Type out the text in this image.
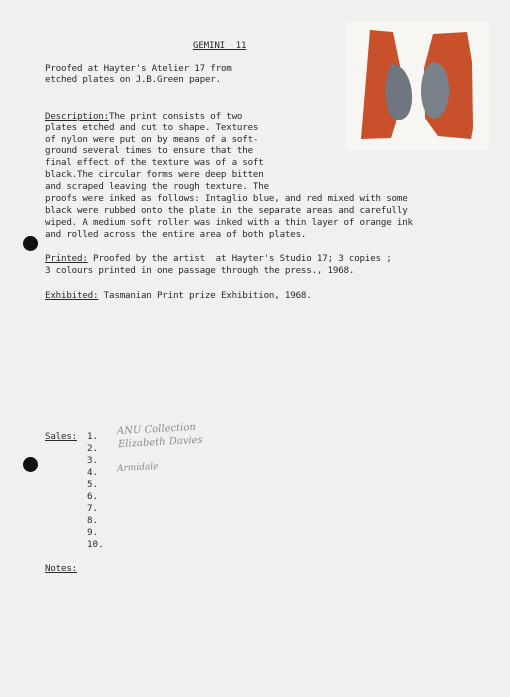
GEMINI  11
Proofed at Hayter's Atelier 17 from
etched plates on J.B.Green paper.
Description:The print consists of two
plates etched and cut to shape. Textures
of nylon were put on by means of a soft-
ground several times to ensure that the
final effect of the texture was of a soft
black.The circular forms were deep bitten
and scraped leaving the rough texture. The
proofs were inked as follows: Intaglio blue, and red mixed with some
black were rubbed onto the plate in the separate areas and carefully
wiped. A medium soft roller was inked with a thin layer of orange ink
and rolled across the entire area of both plates.
Printed: Proofed by the artist  at Hayter's Studio 17; 3 copies ;
3 colours printed in one passage through the press., 1968.
Exhibited: Tasmanian Print prize Exhibition, 1968.
Sales: 1.
2.
3.
4.
5.
6.
7.
8.
9.
10.
ANU Collection
Elizabeth Davies
Armidale
Notes:
